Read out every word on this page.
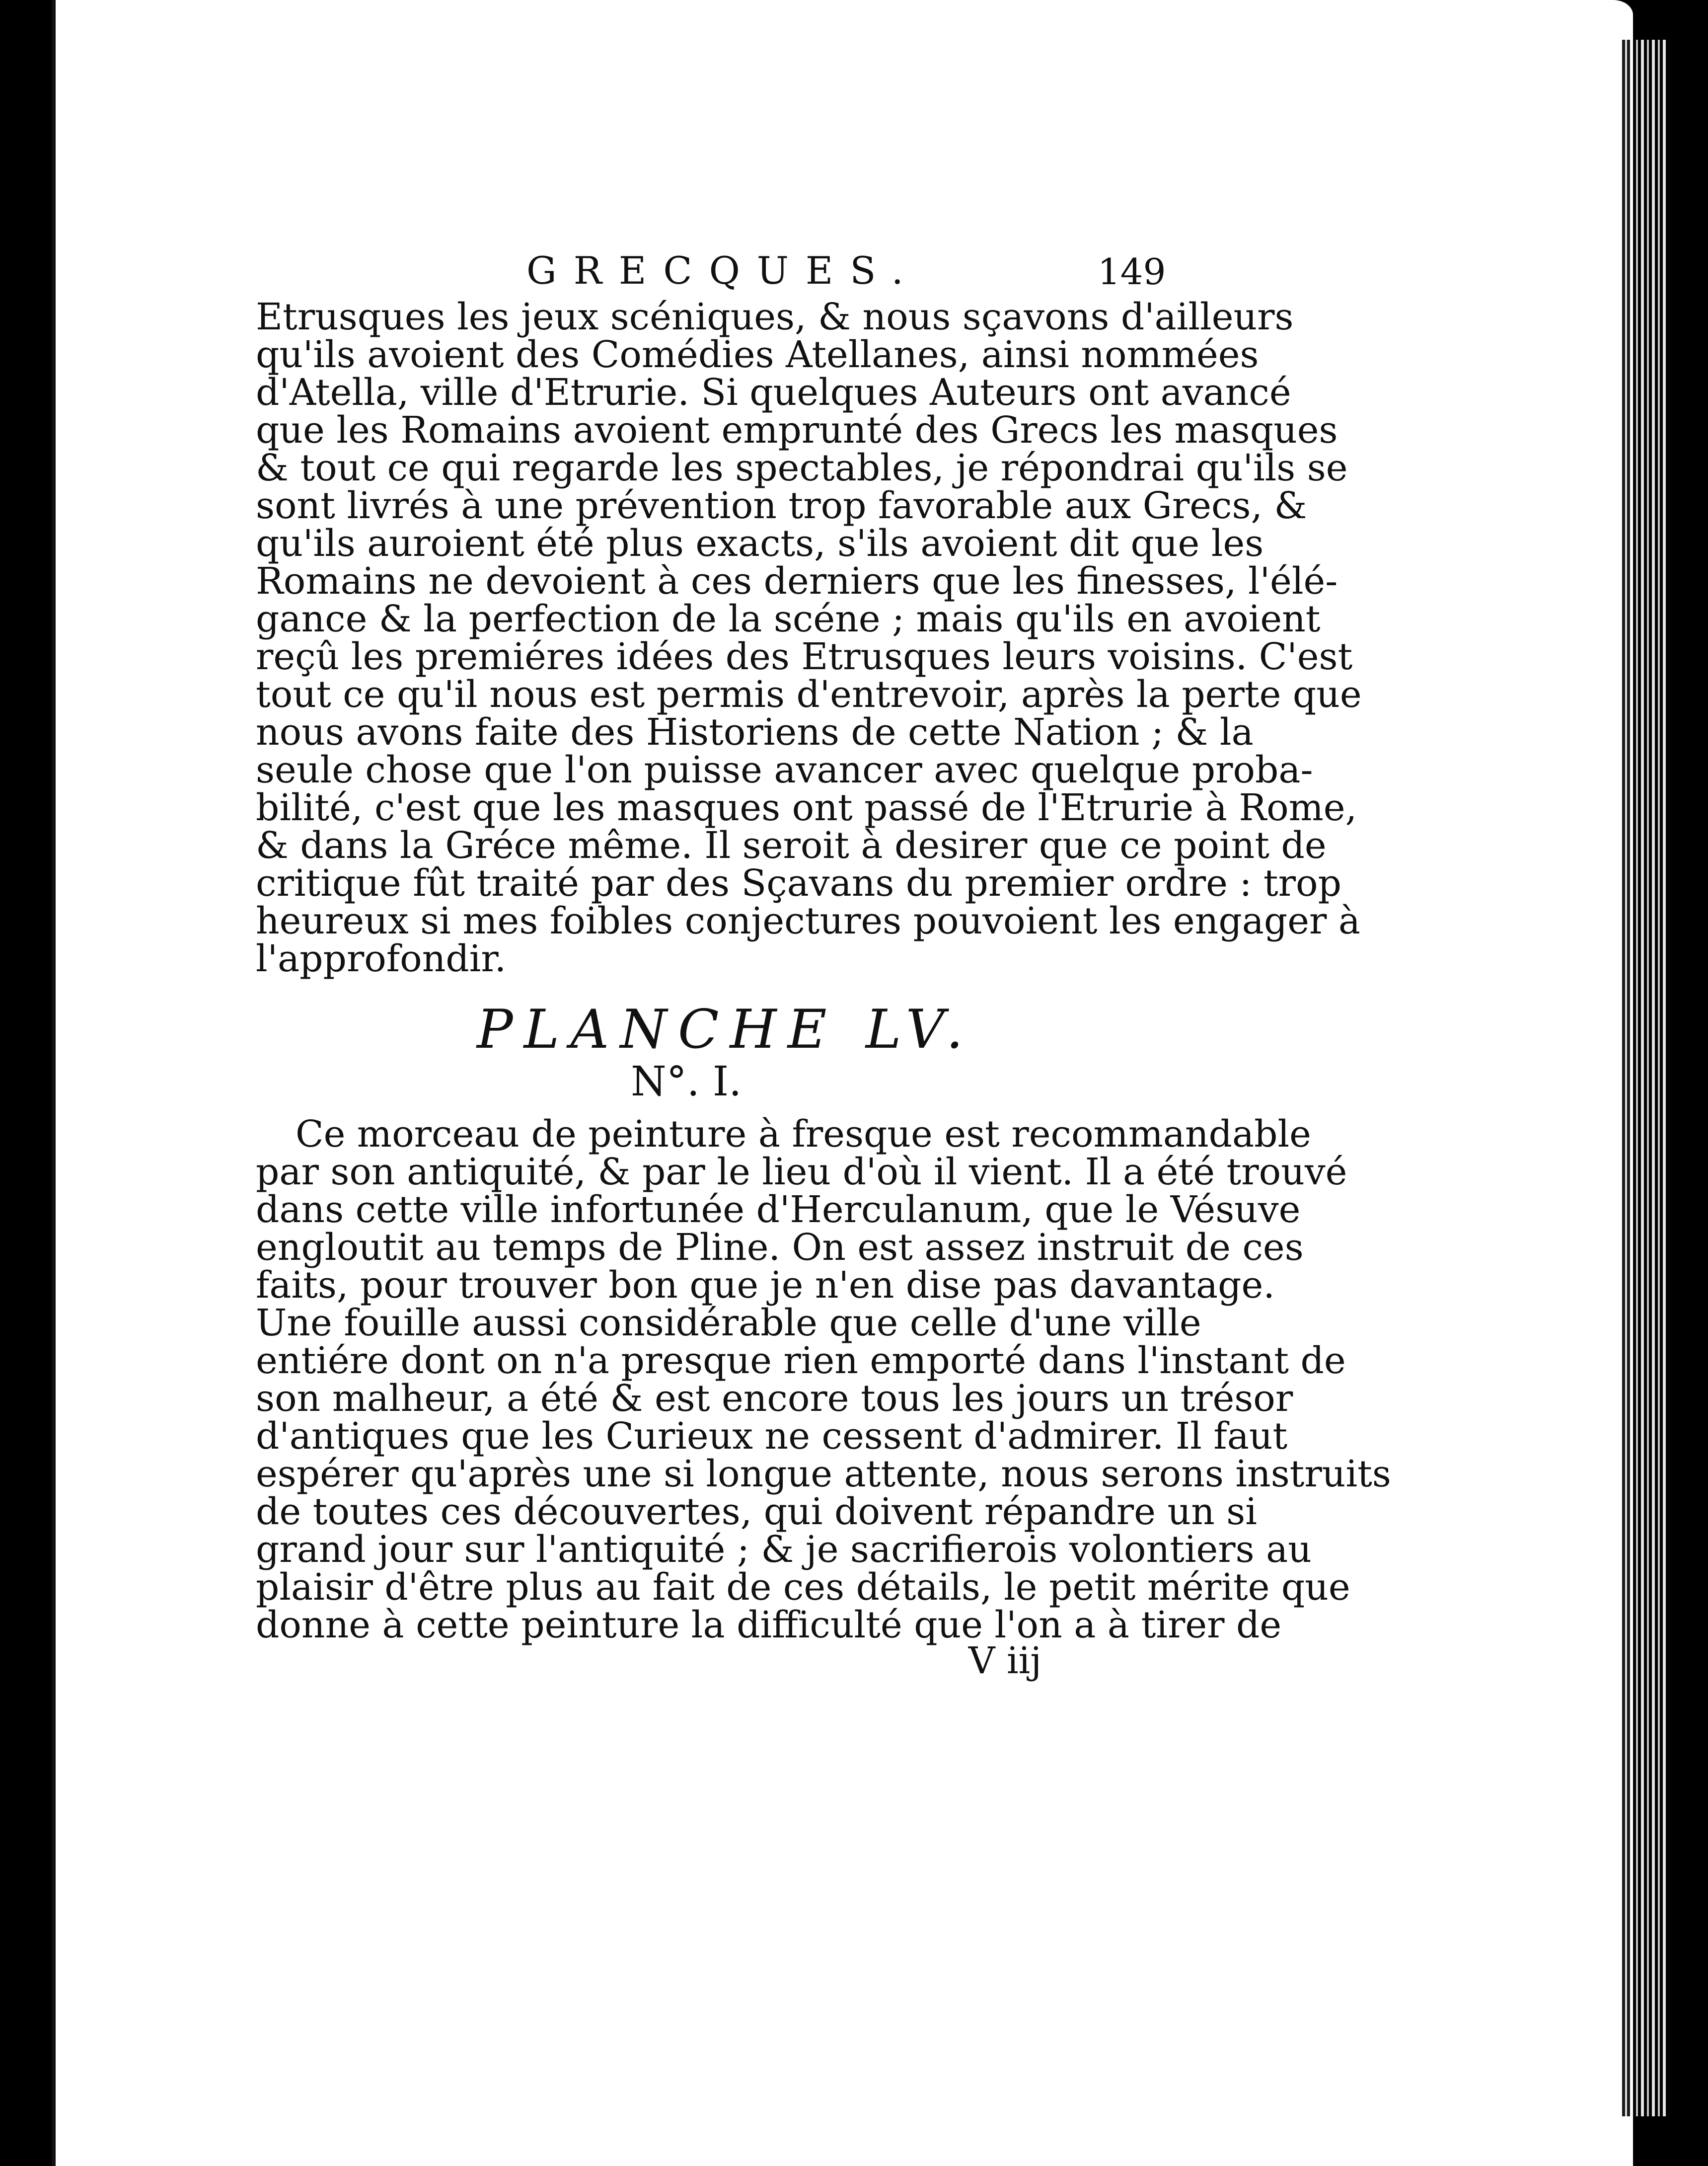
GRECQUES.	149
Etrusques les jeux scéniques, & nous sçavons d'ailleurs
qu'ils avoient des Comédies Atellanes, ainsi nommées
d'Atella, ville d'Etrurie. Si quelques Auteurs ont avancé
que les Romains avoient emprunté des Grecs les masques
& tout ce qui regarde les spectables, je répondrai qu'ils se
sont livrés à une prévention trop favorable aux Grecs, &
qu'ils auroient été plus exacts, s'ils avoient dit que les
Romains ne devoient à ces derniers que les finesses, l'élé-
gance & la perfection de la scéne ; mais qu'ils en avoient
reçû les premiéres idées des Etrusques leurs voisins. C'est
tout ce qu'il nous est permis d'entrevoir, après la perte que
nous avons faite des Historiens de cette Nation ; & la
seule chose que l'on puisse avancer avec quelque proba-
bilité, c'est que les masques ont passé de l'Etrurie à Rome,
& dans la Gréce même. Il seroit à desirer que ce point de
critique fût traité par des Sçavans du premier ordre : trop
heureux si mes foibles conjectures pouvoient les engager à
l'approfondir.
PLANCHE LV.
N°. I.
Ce morceau de peinture à fresque est recommandable
par son antiquité, & par le lieu d'où il vient. Il a été trouvé
dans cette ville infortunée d'Herculanum, que le Vésuve
engloutit au temps de Pline. On est assez instruit de ces
faits, pour trouver bon que je n'en dise pas davantage.
Une fouille aussi considérable que celle d'une ville
entiére dont on n'a presque rien emporté dans l'instant de
son malheur, a été & est encore tous les jours un trésor
d'antiques que les Curieux ne cessent d'admirer. Il faut
espérer qu'après une si longue attente, nous serons instruits
de toutes ces découvertes, qui doivent répandre un si
grand jour sur l'antiquité ; & je sacrifierois volontiers au
plaisir d'être plus au fait de ces détails, le petit mérite que
donne à cette peinture la difficulté que l'on a à tirer de
V iij
